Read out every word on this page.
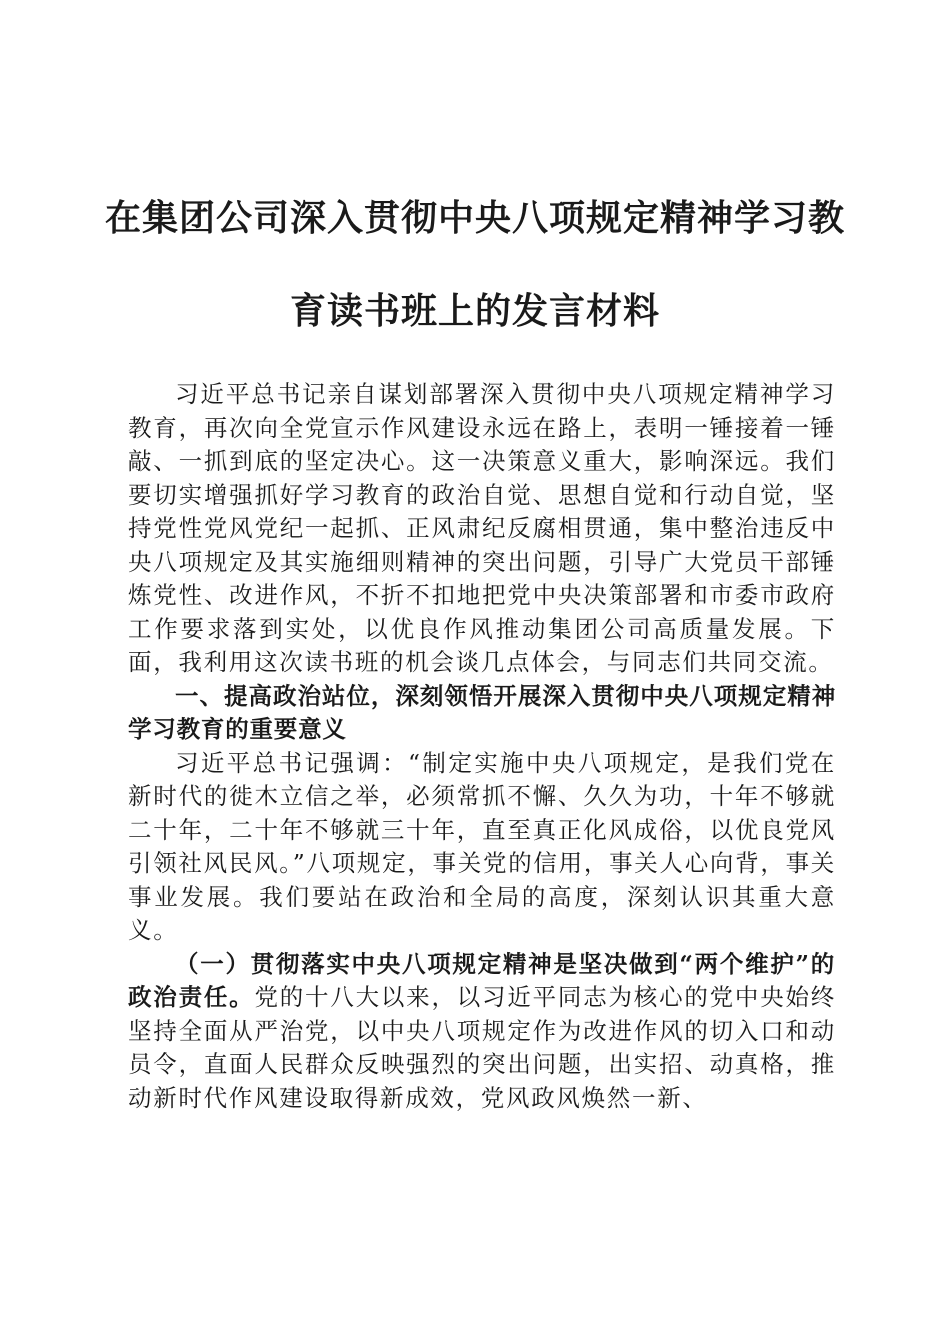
在集团公司深入贯彻中央八项规定精神学习教
育读书班上的发言材料

习近平总书记亲自谋划部署深入贯彻中央八项规定精神学习教育，再次向全党宣示作风建设永远在路上，表明一锤接着一锤敲、一抓到底的坚定决心。这一决策意义重大，影响深远。我们要切实增强抓好学习教育的政治自觉、思想自觉和行动自觉，坚持党性党风党纪一起抓、正风肃纪反腐相贯通，集中整治违反中央八项规定及其实施细则精神的突出问题，引导广大党员干部锤炼党性、改进作风，不折不扣地把党中央决策部署和市委市政府工作要求落到实处，以优良作风推动集团公司高质量发展。下面，我利用这次读书班的机会谈几点体会，与同志们共同交流。

一、提高政治站位，深刻领悟开展深入贯彻中央八项规定精神学习教育的重要意义

习近平总书记强调：“制定实施中央八项规定，是我们党在新时代的徙木立信之举，必须常抓不懈、久久为功，十年不够就二十年，二十年不够就三十年，直至真正化风成俗，以优良党风引领社风民风。”八项规定，事关党的信用，事关人心向背，事关事业发展。我们要站在政治和全局的高度，深刻认识其重大意义。

（一）贯彻落实中央八项规定精神是坚决做到“两个维护”的政治责任。党的十八大以来，以习近平同志为核心的党中央始终坚持全面从严治党，以中央八项规定作为改进作风的切入口和动员令，直面人民群众反映强烈的突出问题，出实招、动真格，推动新时代作风建设取得新成效，党风政风焕然一新、
